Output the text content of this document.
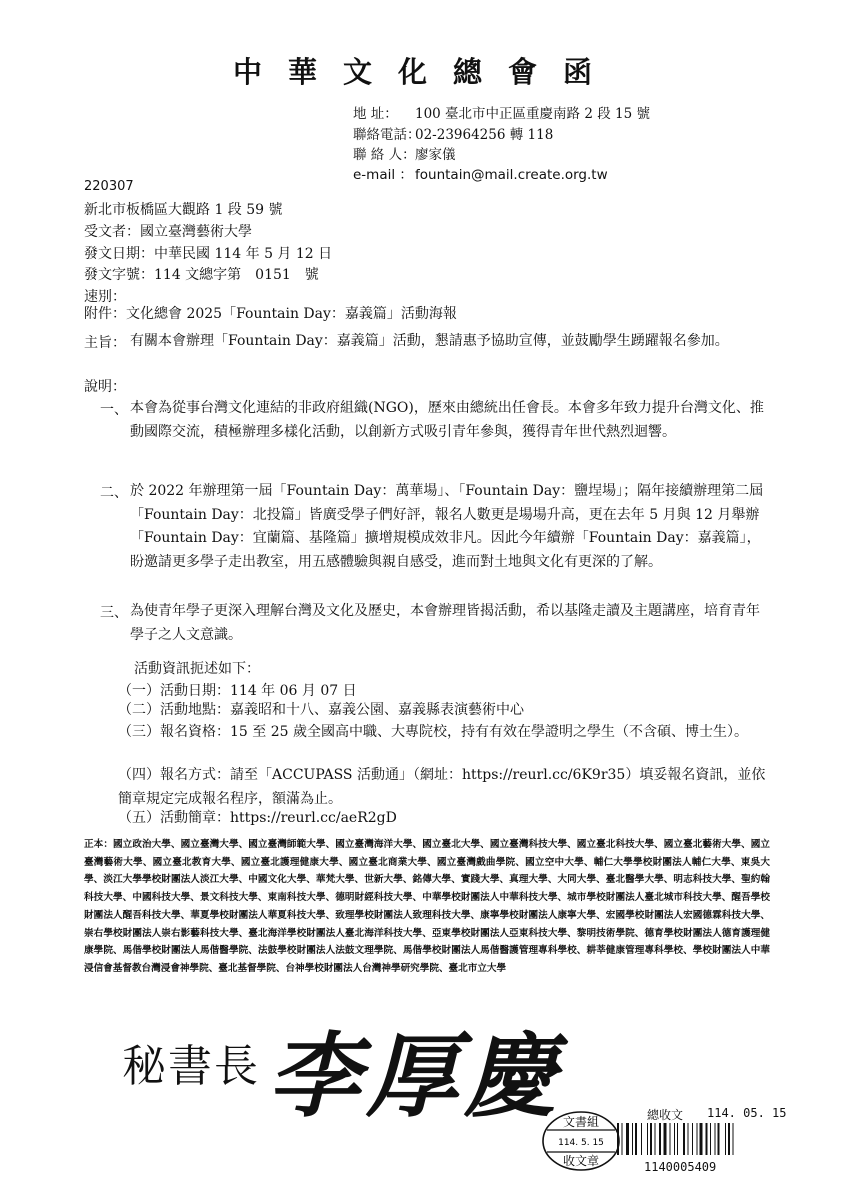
中華文化總會函
地 址： 100 臺北市中正區重慶南路 2 段 15 號
聯絡電話：02-23964256 轉 118
聯 絡 人：廖家儀
e-mail ： fountain@mail.create.org.tw
220307
新北市板橋區大觀路 1 段 59 號
受文者：國立臺灣藝術大學
發文日期：中華民國 114 年 5 月 12 日
發文字號：114 文總字第　0151　號
速別：
附件：文化總會 2025「Fountain Day：嘉義篇」活動海報
主旨： 有關本會辦理「Fountain Day：嘉義篇」活動，懇請惠予協助宣傳，並鼓勵學生踴躍報名參加。
說明：
一、 本會為從事台灣文化連結的非政府組織(NGO)，歷來由總統出任會長。本會多年致力提升台灣文化、推動國際交流，積極辦理多樣化活動，以創新方式吸引青年參與，獲得青年世代熱烈迴響。
二、 於 2022 年辦理第一屆「Fountain Day：萬華場」、「Fountain Day：鹽埕場」；隔年接續辦理第二屆「Fountain Day：北投篇」皆廣受學子們好評，報名人數更是場場升高，更在去年 5 月與 12 月舉辦「Fountain Day：宜蘭篇、基隆篇」擴增規模成效非凡。因此今年續辦「Fountain Day：嘉義篇」，盼邀請更多學子走出教室，用五感體驗與親自感受，進而對土地與文化有更深的了解。
三、 為使青年學子更深入理解台灣及文化及歷史，本會辦理皆揭活動，希以基隆走讀及主題講座，培育青年學子之人文意識。
活動資訊扼述如下：
（一）活動日期：114 年 06 月 07 日
（二）活動地點：嘉義昭和十八、嘉義公園、嘉義縣表演藝術中心
（三）報名資格：15 至 25 歲全國高中職、大專院校，持有有效在學證明之學生（不含碩、博士生）。
（四）報名方式：請至「ACCUPASS 活動通」（網址：https://reurl.cc/6K9r35）填妥報名資訊，並依簡章規定完成報名程序，額滿為止。
（五）活動簡章：https://reurl.cc/aeR2gD
正本：國立政治大學、國立臺灣大學、國立臺灣師範大學、國立臺灣海洋大學、國立臺北大學、國立臺灣科技大學、國立臺北科技大學、國立臺北藝術大學、國立臺灣藝術大學、國立臺北教育大學、國立臺北護理健康大學、國立臺北商業大學、國立臺灣戲曲學院、國立空中大學、輔仁大學學校財團法人輔仁大學、東吳大學、淡江大學學校財團法人淡江大學、中國文化大學、華梵大學、世新大學、銘傳大學、實踐大學、真理大學、大同大學、臺北醫學大學、明志科技大學、聖約翰科技大學、中國科技大學、景文科技大學、東南科技大學、德明財經科技大學、中華學校財團法人中華科技大學、城市學校財團法人臺北城市科技大學、醒吾學校財團法人醒吾科技大學、華夏學校財團法人華夏科技大學、致理學校財團法人致理科技大學、康寧學校財團法人康寧大學、宏國學校財團法人宏國德霖科技大學、崇右學校財團法人崇右影藝科技大學、臺北海洋學校財團法人臺北海洋科技大學、亞東學校財團法人亞東科技大學、黎明技術學院、德育學校財團法人德育護理健康學院、馬偕學校財團法人馬偕醫學院、法鼓學校財團法人法鼓文理學院、馬偕學校財團法人馬偕醫護管理專科學校、耕莘健康管理專科學校、學校財團法人中華浸信會基督教台灣浸會神學院、臺北基督學院、台神學校財團法人台灣神學研究學院、臺北市立大學
秘書長 李厚慶 文書組
114. 5. 15
收文章
總收文 114. 05. 15
1140005409
